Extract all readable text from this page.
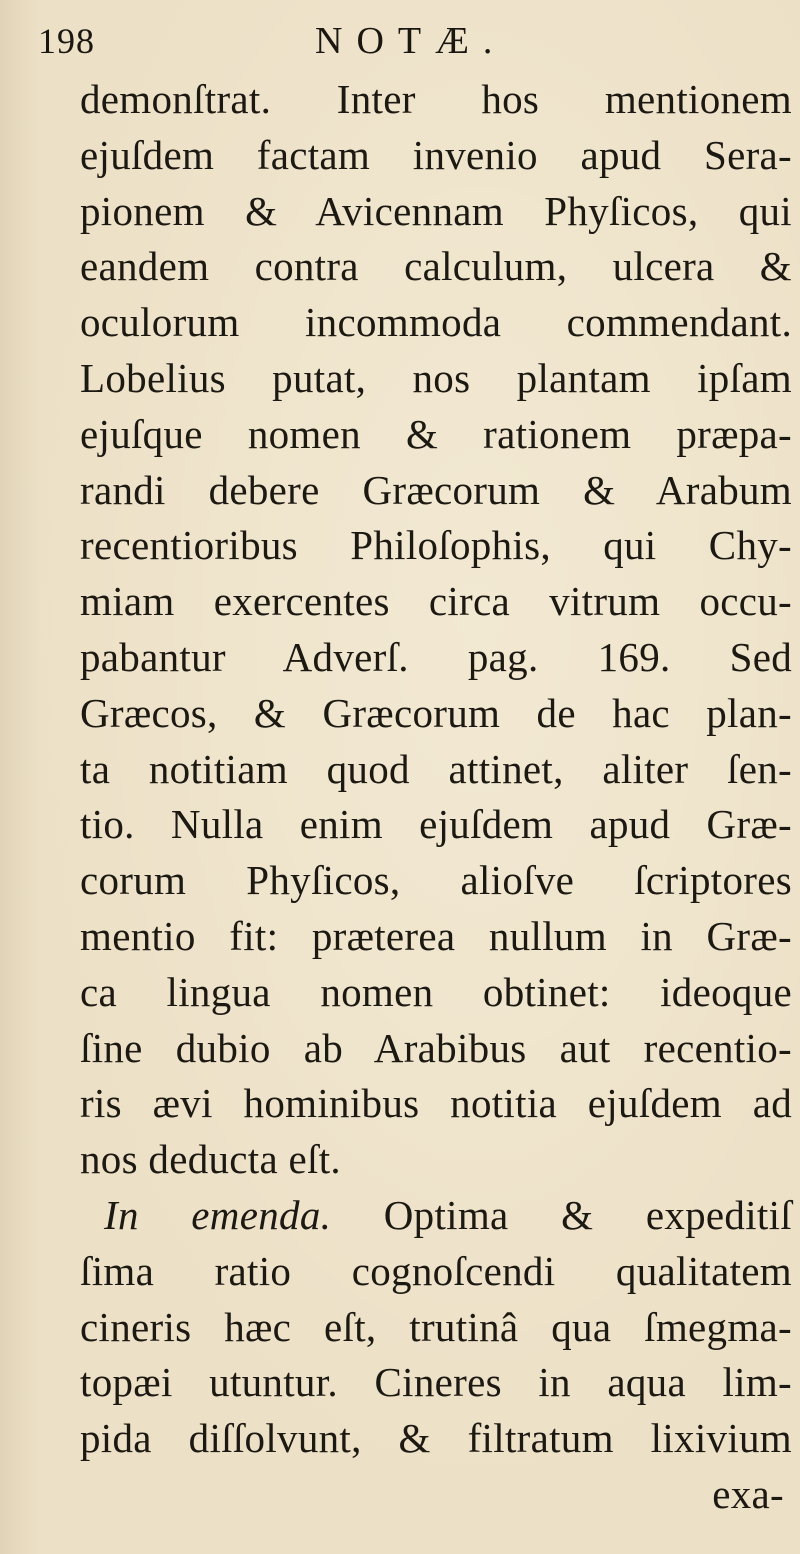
198	NOTÆ.
demonſtrat. Inter hos mentionem
ejuſdem factam invenio apud Sera-
pionem & Avicennam Phyſicos, qui
eandem contra calculum, ulcera &
oculorum incommoda commendant.
Lobelius putat, nos plantam ipſam
ejuſque nomen & rationem præpa-
randi debere Græcorum & Arabum
recentioribus Philoſophis, qui Chy-
miam exercentes circa vitrum occu-
pabantur Adverſ. pag. 169. Sed
Græcos, & Græcorum de hac plan-
ta notitiam quod attinet, aliter ſen-
tio. Nulla enim ejuſdem apud Græ-
corum Phyſicos, alioſve ſcriptores
mentio fit: præterea nullum in Græ-
ca lingua nomen obtinet: ideoque
ſine dubio ab Arabibus aut recentio-
ris ævi hominibus notitia ejuſdem ad
nos deducta eſt.
In emenda. Optima & expeditiſ
ſima ratio cognoſcendi qualitatem
cineris hæc eſt, trutinâ qua ſmegma-
topæi utuntur. Cineres in aqua lim-
pida diſſolvunt, & filtratum lixivium
exa-
